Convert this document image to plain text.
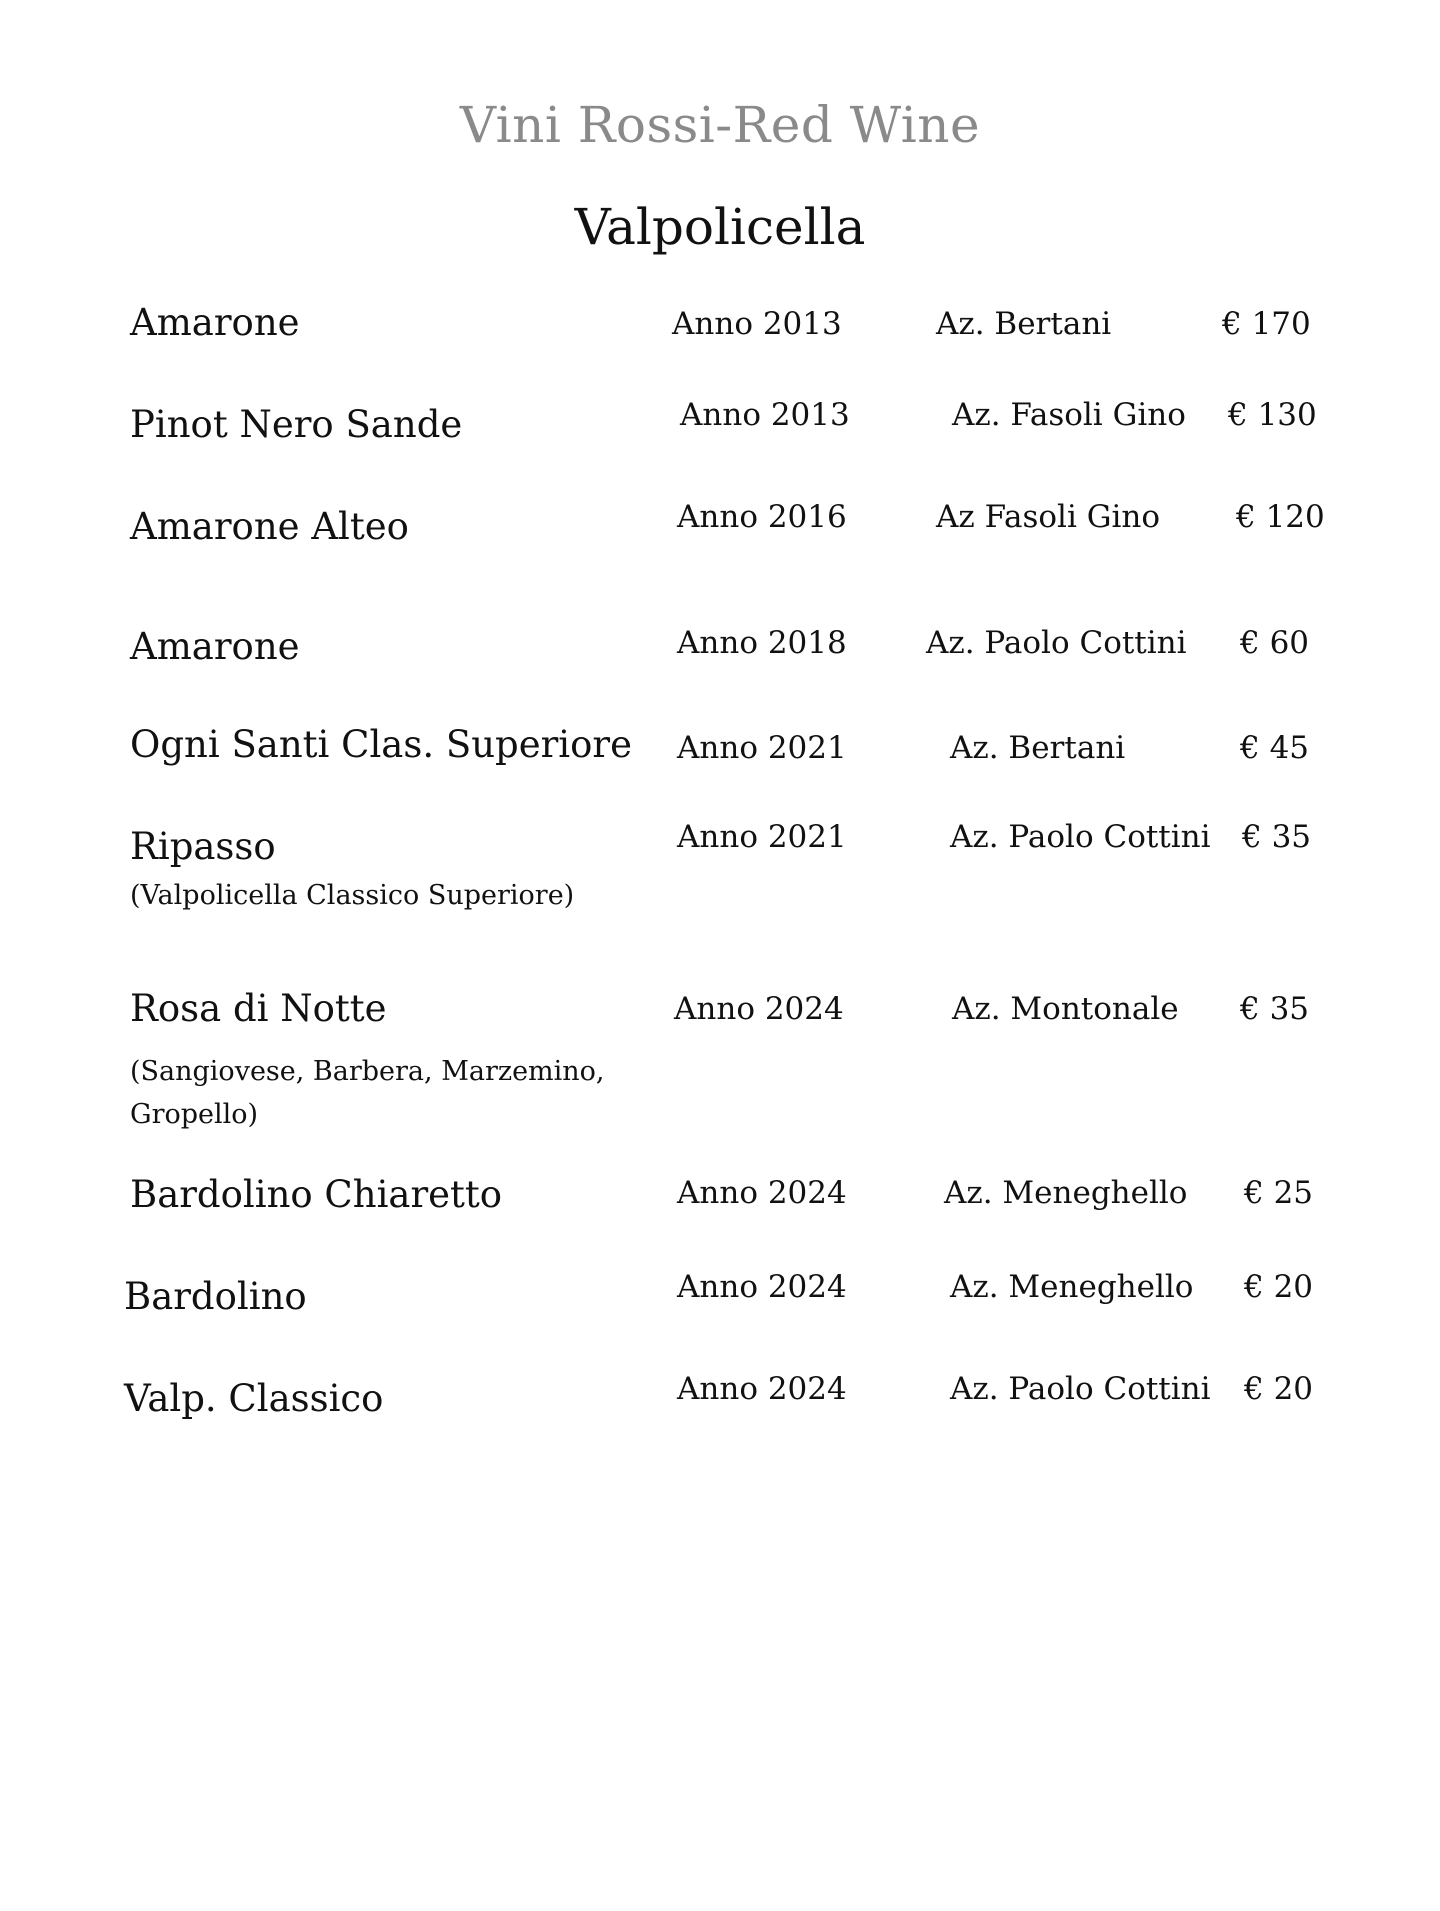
Vini Rossi-Red Wine
Valpolicella
Amarone	Anno 2013	Az. Bertani	€ 170
Pinot Nero Sande	Anno 2013	Az. Fasoli Gino € 130
Amarone Alteo	Anno 2016	Az Fasoli Gino € 120
Amarone	Anno 2018	Az. Paolo Cottini € 60
Ogni Santi Clas. Superiore Anno 2021	Az. Bertani	€ 45
Ripasso
(Valpolicella Classico Superiore)
Anno 2021	Az. Paolo Cottini € 35
Rosa di Notte
(Sangiovese, Barbera, Marzemino, Gropello)
Anno 2024	Az. Montonale € 35
Bardolino Chiaretto	Anno 2024	Az. Meneghello € 25
Bardolino	Anno 2024	Az. Meneghello € 20
Valp. Classico	Anno 2024	Az. Paolo Cottini € 20
